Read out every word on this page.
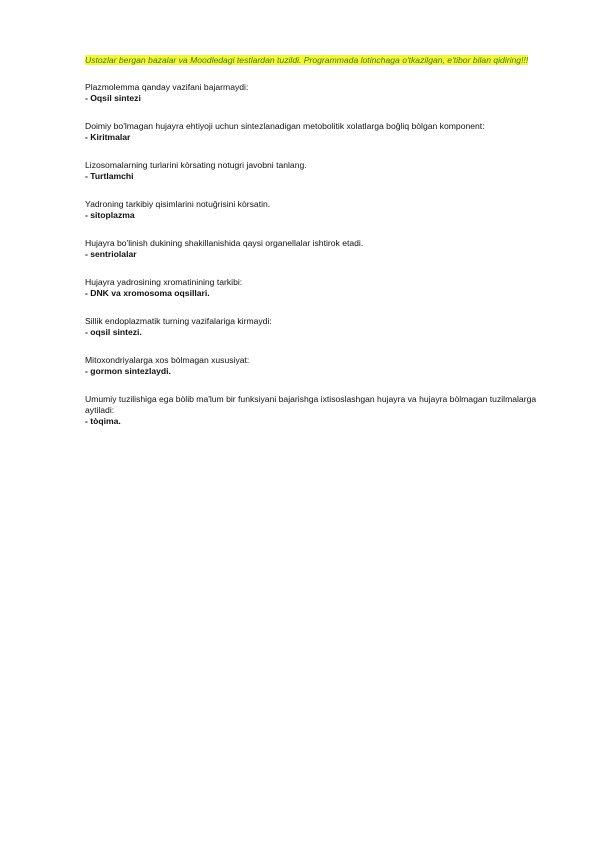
Ustozlar bergan bazalar va Moodledagi testlardan tuzildi. Programmada lotinchaga o'tkazilgan, e'tibor bilan qidiring!!!

Plazmolemma qanday vazifani bajarmaydi:

- Oqsil sintezi

Doimiy bo'lmagan hujayra ehtiyoji uchun sintezlanadigan metobolitik xolatlarga boğliq bòlgan komponent:

- Kiritmalar

Lizosomalarning turlarini kòrsating notugri javobni tanlang.

- Turtlamchi

Yadroning tarkibiy qisimlarini notuğrisini kòrsatin.

- sitoplazma

Hujayra bo'linish dukining shakillanishida qaysi organellalar ishtirok etadi.

- sentriolalar

Hujayra yadrosining xromatinining tarkibi:

- DNK va xromosoma oqsillari.

Sillik endoplazmatik turning vazifalariga kirmaydi:

- oqsil sintezi.

Mitoxondriyalarga xos bòlmagan xususiyat:

- gormon sintezlaydi.

Umumiy tuzilishiga ega bòlib ma'lum bir funksiyani bajarishga ixtisoslashgan hujayra va hujayra bòlmagan tuzilmalarga aytiladi:

- tòqima.
